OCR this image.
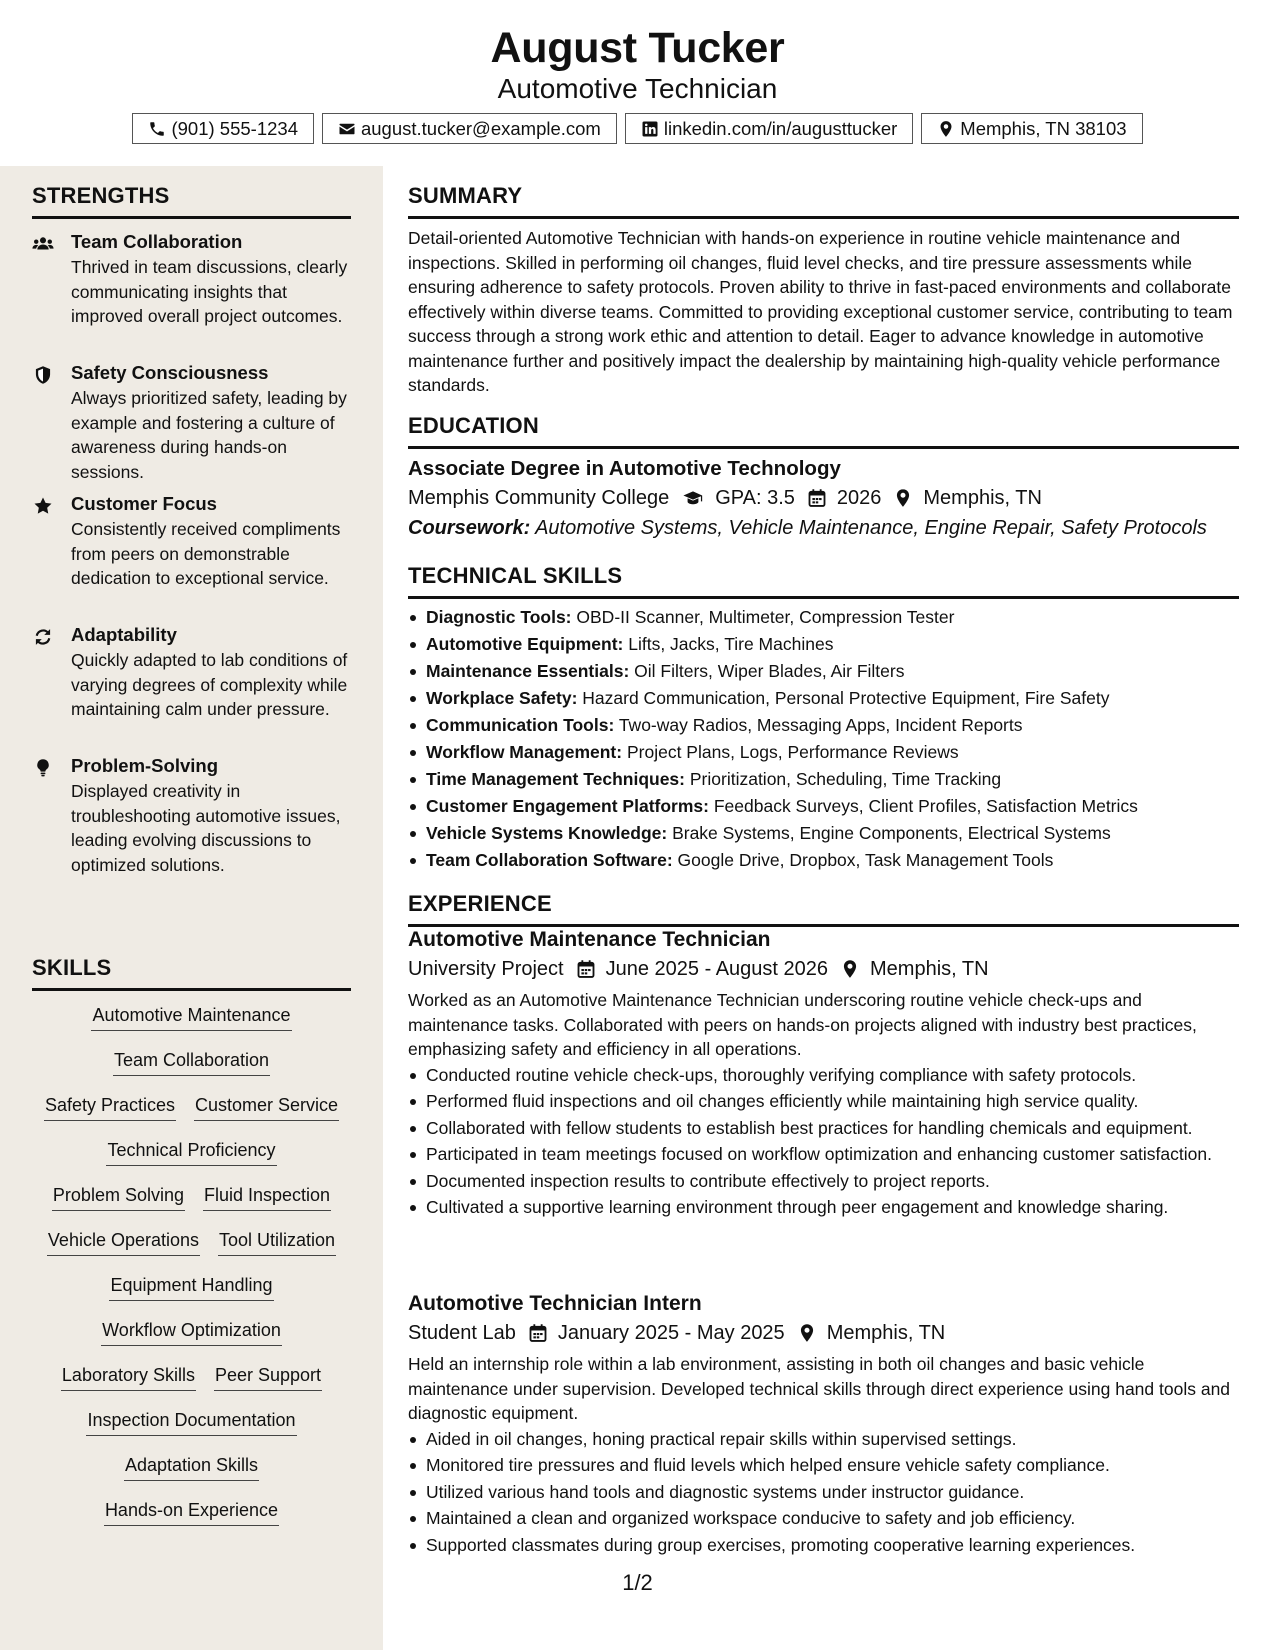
August Tucker
Automotive Technician
(901) 555-1234	august.tucker@example.com	linkedin.com/in/augusttucker	Memphis, TN 38103
STRENGTHS
Team Collaboration
Thrived in team discussions, clearly communicating insights that improved overall project outcomes.
Safety Consciousness
Always prioritized safety, leading by example and fostering a culture of awareness during hands-on sessions.
Customer Focus
Consistently received compliments from peers on demonstrable dedication to exceptional service.
Adaptability
Quickly adapted to lab conditions of varying degrees of complexity while maintaining calm under pressure.
Problem-Solving
Displayed creativity in troubleshooting automotive issues, leading evolving discussions to optimized solutions.
SKILLS
Automotive Maintenance
Team Collaboration
Safety Practices Customer Service
Technical Proficiency
Problem Solving Fluid Inspection
Vehicle Operations Tool Utilization
Equipment Handling
Workflow Optimization
Laboratory Skills Peer Support
Inspection Documentation
Adaptation Skills
Hands-on Experience
SUMMARY
Detail-oriented Automotive Technician with hands-on experience in routine vehicle maintenance and inspections. Skilled in performing oil changes, fluid level checks, and tire pressure assessments while ensuring adherence to safety protocols. Proven ability to thrive in fast-paced environments and collaborate effectively within diverse teams. Committed to providing exceptional customer service, contributing to team success through a strong work ethic and attention to detail. Eager to advance knowledge in automotive maintenance further and positively impact the dealership by maintaining high-quality vehicle performance standards.
EDUCATION
Associate Degree in Automotive Technology
Memphis Community College GPA: 3.5 2026 Memphis, TN
Coursework: Automotive Systems, Vehicle Maintenance, Engine Repair, Safety Protocols
TECHNICAL SKILLS
Diagnostic Tools: OBD-II Scanner, Multimeter, Compression Tester
Automotive Equipment: Lifts, Jacks, Tire Machines
Maintenance Essentials: Oil Filters, Wiper Blades, Air Filters
Workplace Safety: Hazard Communication, Personal Protective Equipment, Fire Safety
Communication Tools: Two-way Radios, Messaging Apps, Incident Reports
Workflow Management: Project Plans, Logs, Performance Reviews
Time Management Techniques: Prioritization, Scheduling, Time Tracking
Customer Engagement Platforms: Feedback Surveys, Client Profiles, Satisfaction Metrics
Vehicle Systems Knowledge: Brake Systems, Engine Components, Electrical Systems
Team Collaboration Software: Google Drive, Dropbox, Task Management Tools
EXPERIENCE
Automotive Maintenance Technician
University Project June 2025 - August 2026 Memphis, TN
Worked as an Automotive Maintenance Technician underscoring routine vehicle check-ups and maintenance tasks. Collaborated with peers on hands-on projects aligned with industry best practices, emphasizing safety and efficiency in all operations.
Conducted routine vehicle check-ups, thoroughly verifying compliance with safety protocols.
Performed fluid inspections and oil changes efficiently while maintaining high service quality.
Collaborated with fellow students to establish best practices for handling chemicals and equipment.
Participated in team meetings focused on workflow optimization and enhancing customer satisfaction.
Documented inspection results to contribute effectively to project reports.
Cultivated a supportive learning environment through peer engagement and knowledge sharing.
Automotive Technician Intern
Student Lab January 2025 - May 2025 Memphis, TN
Held an internship role within a lab environment, assisting in both oil changes and basic vehicle maintenance under supervision. Developed technical skills through direct experience using hand tools and diagnostic equipment.
Aided in oil changes, honing practical repair skills within supervised settings.
Monitored tire pressures and fluid levels which helped ensure vehicle safety compliance.
Utilized various hand tools and diagnostic systems under instructor guidance.
Maintained a clean and organized workspace conducive to safety and job efficiency.
Supported classmates during group exercises, promoting cooperative learning experiences.
1/2
